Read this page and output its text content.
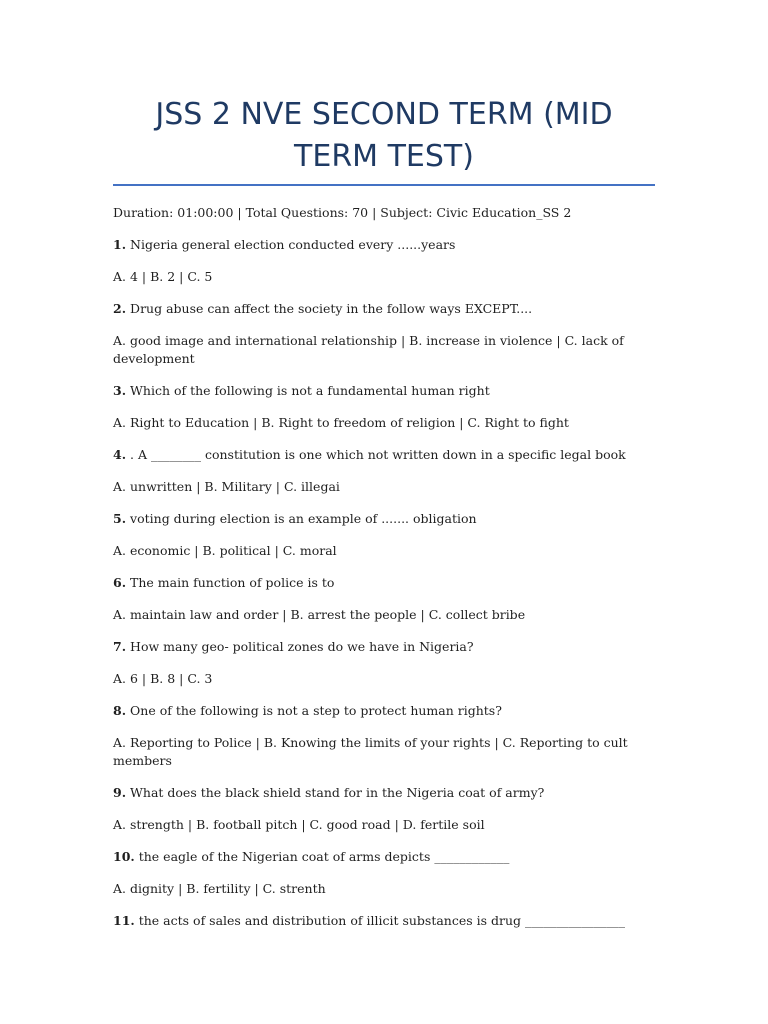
JSS 2 NVE SECOND TERM (MID TERM TEST)
Duration: 01:00:00 | Total Questions: 70 | Subject: Civic Education_SS 2

1. Nigeria general election conducted every ......years

A. 4 | B. 2 | C. 5

2. Drug abuse can affect the society in the follow ways EXCEPT....

A. good image and international relationship | B. increase in violence | C. lack of development

3. Which of the following is not a fundamental human right

A. Right to Education | B. Right to freedom of religion | C. Right to fight

4. . A ________ constitution is one which not written down in a specific legal book

A. unwritten | B. Military | C. illegai

5. voting during election is an example of ....... obligation

A. economic | B. political | C. moral

6. The main function of police is to

A. maintain law and order | B. arrest the people | C. collect bribe

7. How many geo- political zones do we have in Nigeria?

A. 6 | B. 8 | C. 3

8. One of the following is not a step to protect human rights?

A. Reporting to Police | B. Knowing the limits of your rights | C. Reporting to cult members

9. What does the black shield stand for in the Nigeria coat of army?

A. strength | B. football pitch | C. good road | D. fertile soil

10. the eagle of the Nigerian coat of arms depicts ____________

A. dignity | B. fertility | C. strenth

11. the acts of sales and distribution of illicit substances is drug ________________
